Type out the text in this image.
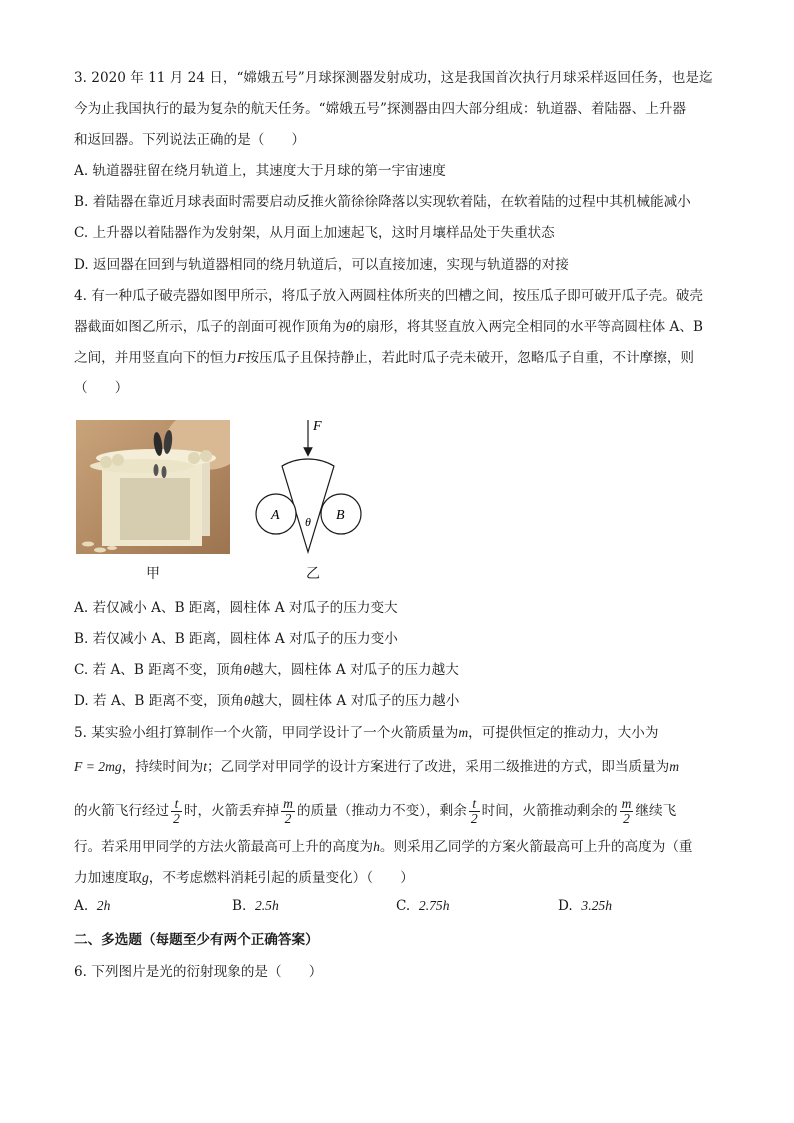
3. 2020 年 11 月 24 日，“嫦娥五号”月球探测器发射成功，这是我国首次执行月球采样返回任务，也是迄
今为止我国执行的最为复杂的航天任务。“嫦娥五号”探测器由四大部分组成：轨道器、着陆器、上升器
和返回器。下列说法正确的是（　　）
A. 轨道器驻留在绕月轨道上，其速度大于月球的第一宇宙速度
B. 着陆器在靠近月球表面时需要启动反推火箭徐徐降落以实现软着陆，在软着陆的过程中其机械能减小
C. 上升器以着陆器作为发射架，从月面上加速起飞，这时月壤样品处于失重状态
D. 返回器在回到与轨道器相同的绕月轨道后，可以直接加速，实现与轨道器的对接
4. 有一种瓜子破壳器如图甲所示，将瓜子放入两圆柱体所夹的凹槽之间，按压瓜子即可破开瓜子壳。破壳
器截面如图乙所示，瓜子的剖面可视作顶角为θ的扇形，将其竖直放入两完全相同的水平等高圆柱体 A、B
之间，并用竖直向下的恒力F按压瓜子且保持静止，若此时瓜子壳未破开，忽略瓜子自重，不计摩擦，则
（　　）
甲
F
A	B
θ
乙
A. 若仅减小 A、B 距离，圆柱体 A 对瓜子的压力变大
B. 若仅减小 A、B 距离，圆柱体 A 对瓜子的压力变小
C. 若 A、B 距离不变，顶角θ越大，圆柱体 A 对瓜子的压力越大
D. 若 A、B 距离不变，顶角θ越大，圆柱体 A 对瓜子的压力越小
5. 某实验小组打算制作一个火箭，甲同学设计了一个火箭质量为m，可提供恒定的推动力，大小为
F = 2mg，持续时间为t；乙同学对甲同学的设计方案进行了改进，采用二级推进的方式，即当质量为m
的火箭飞行经过 $\frac{t}{2}$ 时，火箭丢弃掉 $\frac{m}{2}$ 的质量（推动力不变），剩余 $\frac{t}{2}$ 时间，火箭推动剩余的 $\frac{m}{2}$ 继续飞
行。若采用甲同学的方法火箭最高可上升的高度为h。则采用乙同学的方案火箭最高可上升的高度为（重
力加速度取g，不考虑燃料消耗引起的质量变化）（　　）
A. 2h	B. 2.5h	C. 2.75h	D. 3.25h
二、多选题（每题至少有两个正确答案）
6. 下列图片是光的衍射现象的是（　　）
